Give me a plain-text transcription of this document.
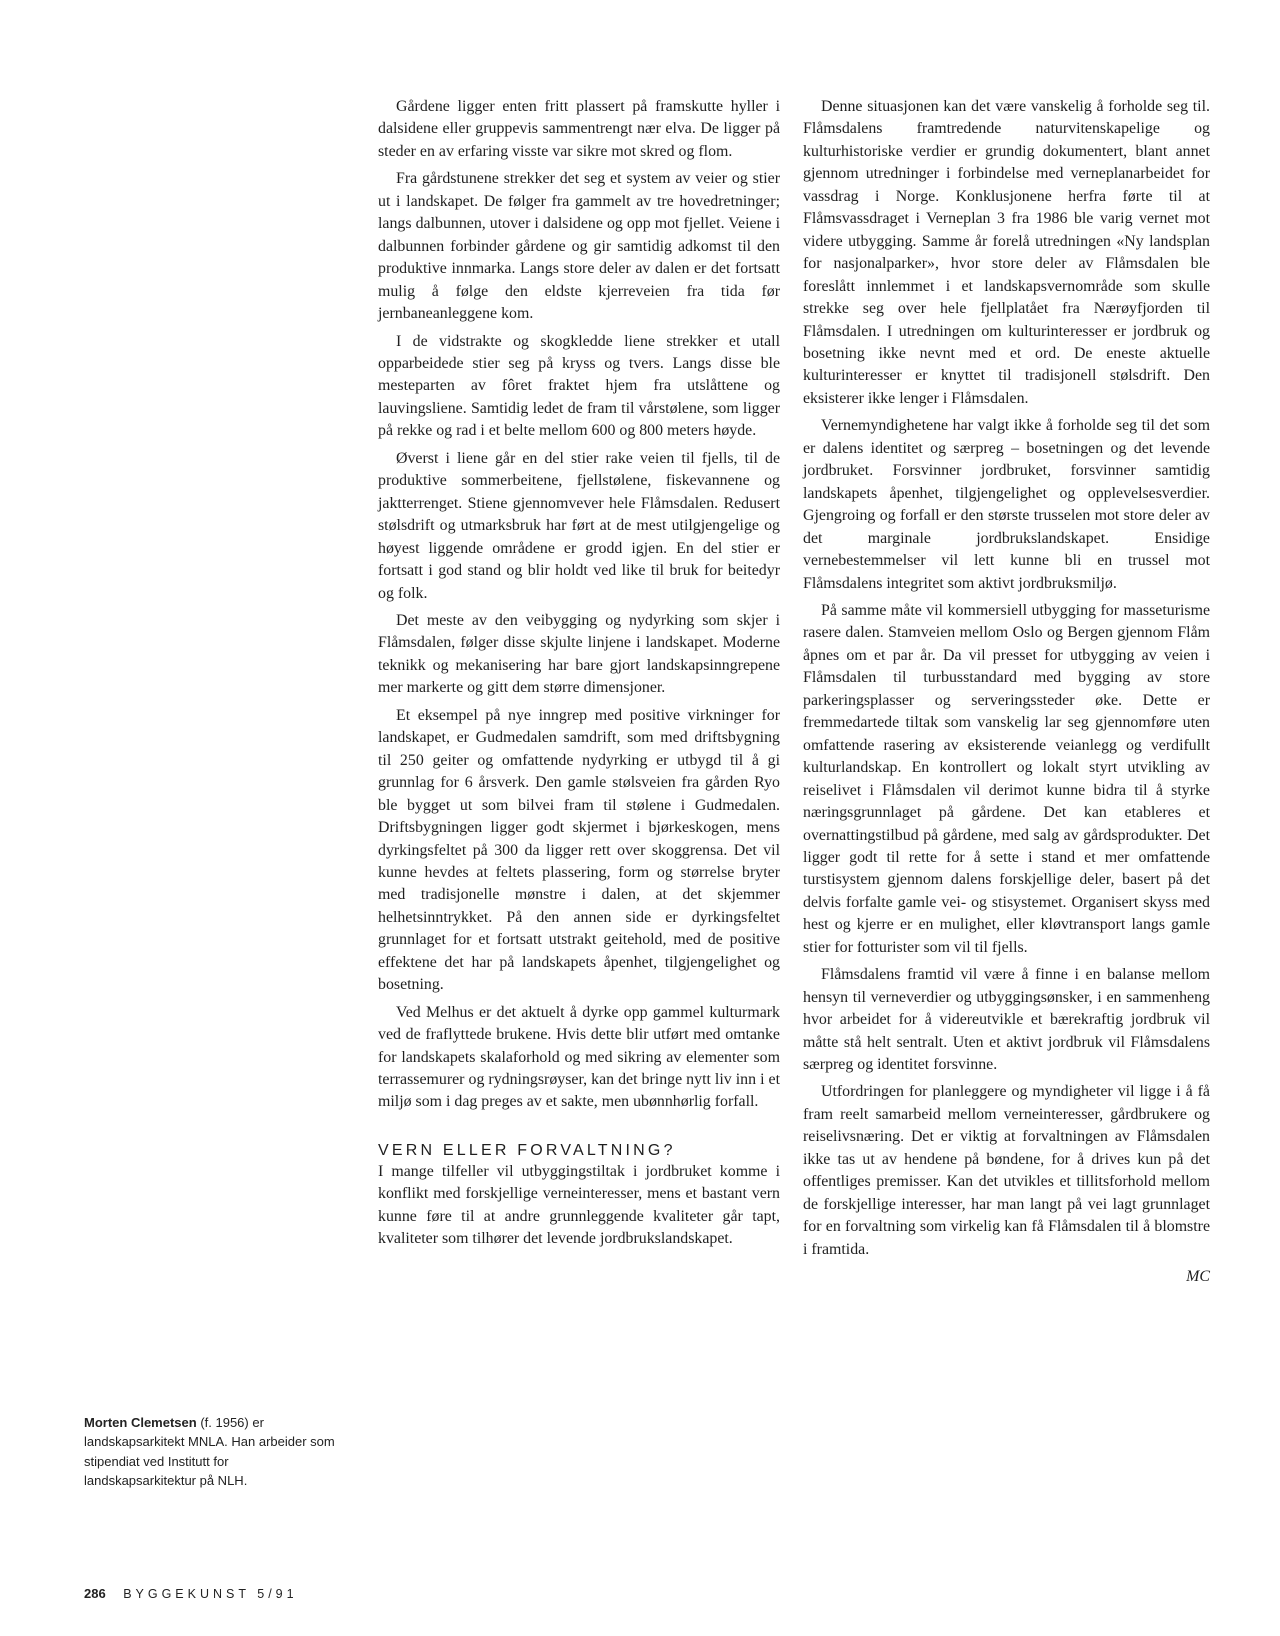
Gårdene ligger enten fritt plassert på framskutte hyller i dalsidene eller gruppevis sammentrengt nær elva. De ligger på steder en av erfaring visste var sikre mot skred og flom.

Fra gårdstunene strekker det seg et system av veier og stier ut i landskapet. De følger fra gammelt av tre hovedretninger; langs dalbunnen, utover i dalsidene og opp mot fjellet. Veiene i dalbunnen forbinder gårdene og gir samtidig adkomst til den produktive innmarka. Langs store deler av dalen er det fortsatt mulig å følge den eldste kjerreveien fra tida før jernbaneanleggene kom.

I de vidstrakte og skogkledde liene strekker et utall opparbeidede stier seg på kryss og tvers. Langs disse ble mesteparten av fôret fraktet hjem fra utslåttene og lauvingsliene. Samtidig ledet de fram til vårstølene, som ligger på rekke og rad i et belte mellom 600 og 800 meters høyde.

Øverst i liene går en del stier rake veien til fjells, til de produktive sommerbeitene, fjellstølene, fiskevannene og jaktterrenget. Stiene gjennomvever hele Flåmsdalen. Redusert stølsdrift og utmarksbruk har ført at de mest utilgjengelige og høyest liggende områdene er grodd igjen. En del stier er fortsatt i god stand og blir holdt ved like til bruk for beitedyr og folk.

Det meste av den veibygging og nydyrking som skjer i Flåmsdalen, følger disse skjulte linjene i landskapet. Moderne teknikk og mekanisering har bare gjort landskapsinngrepene mer markerte og gitt dem større dimensjoner.

Et eksempel på nye inngrep med positive virkninger for landskapet, er Gudmedalen samdrift, som med driftsbygning til 250 geiter og omfattende nydyrking er utbygd til å gi grunnlag for 6 årsverk. Den gamle stølsveien fra gården Ryo ble bygget ut som bilvei fram til stølene i Gudmedalen. Driftsbygningen ligger godt skjermet i bjørkeskogen, mens dyrkingsfeltet på 300 da ligger rett over skoggrensa. Det vil kunne hevdes at feltets plassering, form og størrelse bryter med tradisjonelle mønstre i dalen, at det skjemmer helhetsinntrykket. På den annen side er dyrkingsfeltet grunnlaget for et fortsatt utstrakt geitehold, med de positive effektene det har på landskapets åpenhet, tilgjengelighet og bosetning.

Ved Melhus er det aktuelt å dyrke opp gammel kulturmark ved de fraflyttede brukene. Hvis dette blir utført med omtanke for landskapets skalaforhold og med sikring av elementer som terrassemurer og rydningsrøyser, kan det bringe nytt liv inn i et miljø som i dag preges av et sakte, men ubønnhørlig forfall.

VERN ELLER FORVALTNING?

I mange tilfeller vil utbyggingstiltak i jordbruket komme i konflikt med forskjellige verneinteresser, mens et bastant vern kunne føre til at andre grunnleggende kvaliteter går tapt, kvaliteter som tilhører det levende jordbrukslandskapet.

Denne situasjonen kan det være vanskelig å forholde seg til. Flåmsdalens framtredende naturvitenskapelige og kulturhistoriske verdier er grundig dokumentert, blant annet gjennom utredninger i forbindelse med verneplanarbeidet for vassdrag i Norge. Konklusjonene herfra førte til at Flåmsvassdraget i Verneplan 3 fra 1986 ble varig vernet mot videre utbygging. Samme år forelå utredningen «Ny landsplan for nasjonalparker», hvor store deler av Flåmsdalen ble foreslått innlemmet i et landskapsvernområde som skulle strekke seg over hele fjellplatået fra Nærøyfjorden til Flåmsdalen. I utredningen om kulturinteresser er jordbruk og bosetning ikke nevnt med et ord. De eneste aktuelle kulturinteresser er knyttet til tradisjonell stølsdrift. Den eksisterer ikke lenger i Flåmsdalen.

Vernemyndighetene har valgt ikke å forholde seg til det som er dalens identitet og særpreg – bosetningen og det levende jordbruket. Forsvinner jordbruket, forsvinner samtidig landskapets åpenhet, tilgjengelighet og opplevelsesverdier. Gjengroing og forfall er den største trusselen mot store deler av det marginale jordbrukslandskapet. Ensidige vernebestemmelser vil lett kunne bli en trussel mot Flåmsdalens integritet som aktivt jordbruksmiljø.

På samme måte vil kommersiell utbygging for masseturisme rasere dalen. Stamveien mellom Oslo og Bergen gjennom Flåm åpnes om et par år. Da vil presset for utbygging av veien i Flåmsdalen til turbusstandard med bygging av store parkeringsplasser og serveringssteder øke. Dette er fremmedartede tiltak som vanskelig lar seg gjennomføre uten omfattende rasering av eksisterende veianlegg og verdifullt kulturlandskap. En kontrollert og lokalt styrt utvikling av reiselivet i Flåmsdalen vil derimot kunne bidra til å styrke næringsgrunnlaget på gårdene. Det kan etableres et overnattingstilbud på gårdene, med salg av gårdsprodukter. Det ligger godt til rette for å sette i stand et mer omfattende turstisystem gjennom dalens forskjellige deler, basert på det delvis forfalte gamle vei- og stisystemet. Organisert skyss med hest og kjerre er en mulighet, eller kløvtransport langs gamle stier for fotturister som vil til fjells.

Flåmsdalens framtid vil være å finne i en balanse mellom hensyn til verneverdier og utbyggingsønsker, i en sammenheng hvor arbeidet for å videreutvikle et bærekraftig jordbruk vil måtte stå helt sentralt. Uten et aktivt jordbruk vil Flåmsdalens særpreg og identitet forsvinne.

Utfordringen for planleggere og myndigheter vil ligge i å få fram reelt samarbeid mellom verneinteresser, gårdbrukere og reiselivsnæring. Det er viktig at forvaltningen av Flåmsdalen ikke tas ut av hendene på bøndene, for å drives kun på det offentliges premisser. Kan det utvikles et tillitsforhold mellom de forskjellige interesser, har man langt på vei lagt grunnlaget for en forvaltning som virkelig kan få Flåmsdalen til å blomstre i framtida.

MC

Morten Clemetsen (f. 1956) er landskapsarkitekt MNLA. Han arbeider som stipendiat ved Institutt for landskapsarkitektur på NLH.
286 BYGGEKUNST 5/91
